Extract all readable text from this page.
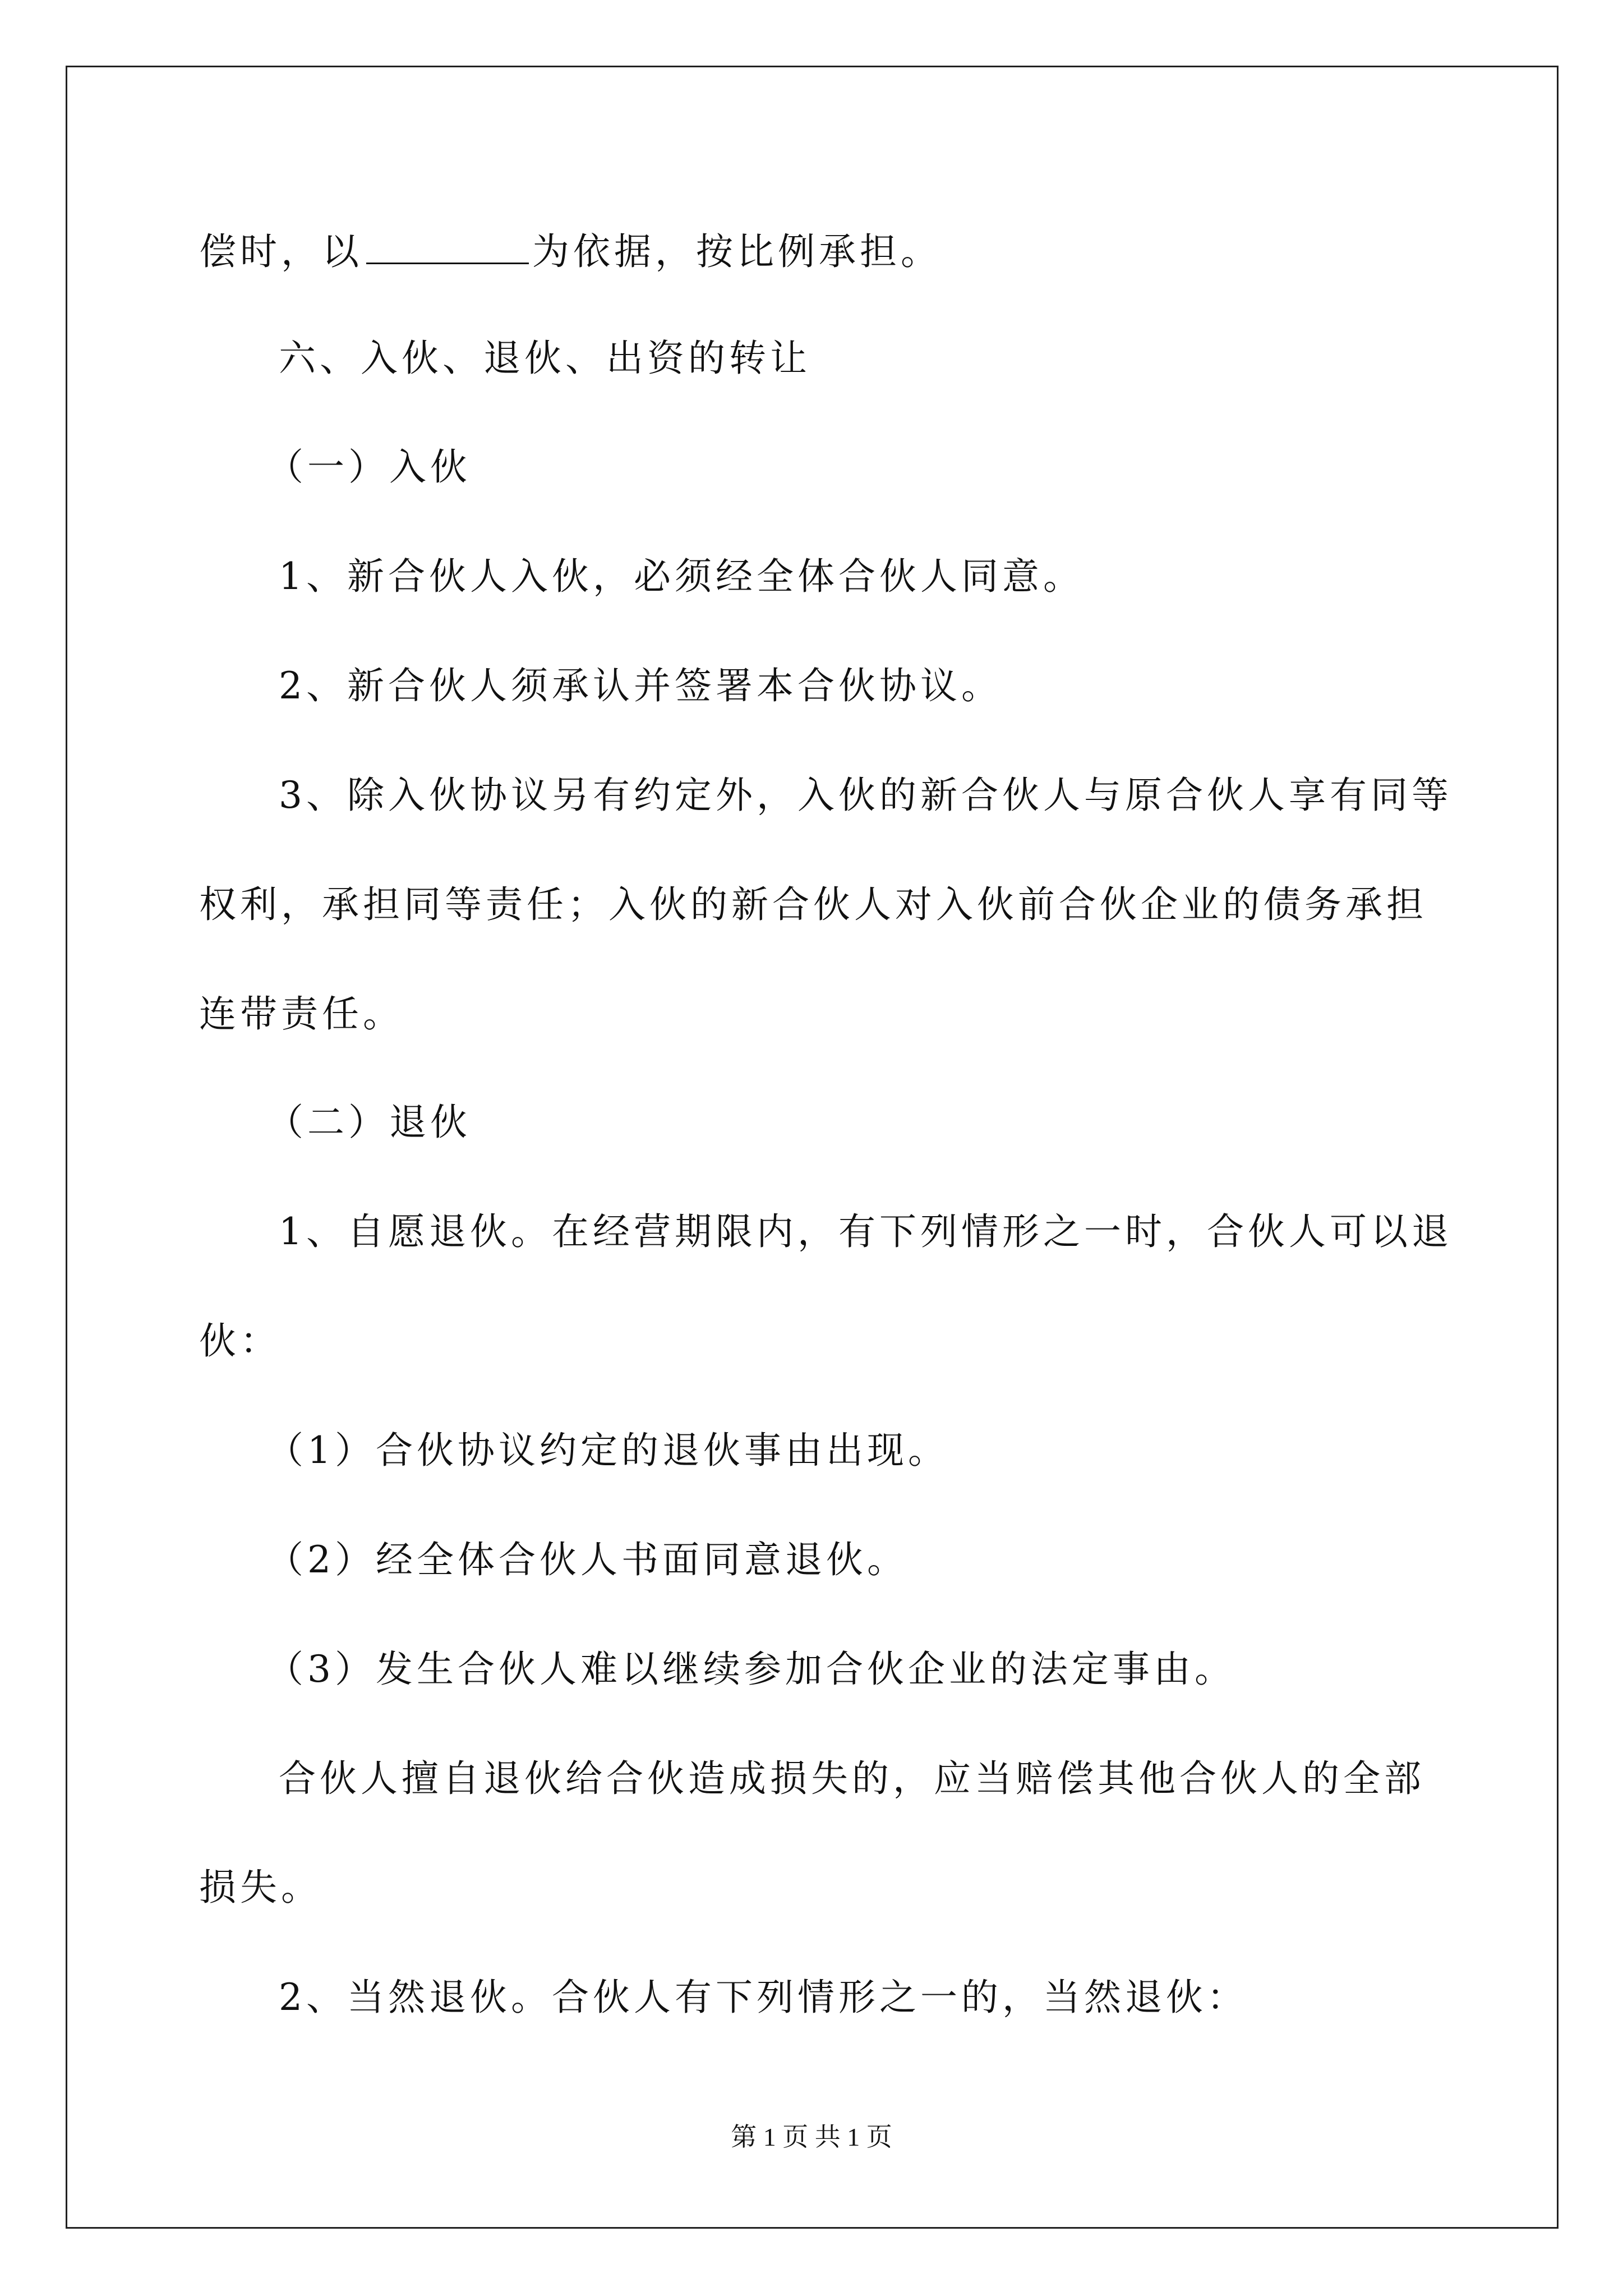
偿时，以	为依据，按比例承担。
六、入伙、退伙、出资的转让
（一）入伙
1、新合伙人入伙，必须经全体合伙人同意。
2、新合伙人须承认并签署本合伙协议。
3、除入伙协议另有约定外，入伙的新合伙人与原合伙人享有同等
权利，承担同等责任；入伙的新合伙人对入伙前合伙企业的债务承担
连带责任。
（二）退伙
1、自愿退伙。在经营期限内，有下列情形之一时，合伙人可以退
伙：
（1）合伙协议约定的退伙事由出现。
（2）经全体合伙人书面同意退伙。
（3）发生合伙人难以继续参加合伙企业的法定事由。
合伙人擅自退伙给合伙造成损失的，应当赔偿其他合伙人的全部
损失。
2、当然退伙。合伙人有下列情形之一的，当然退伙：
第 1 页 共 1 页
